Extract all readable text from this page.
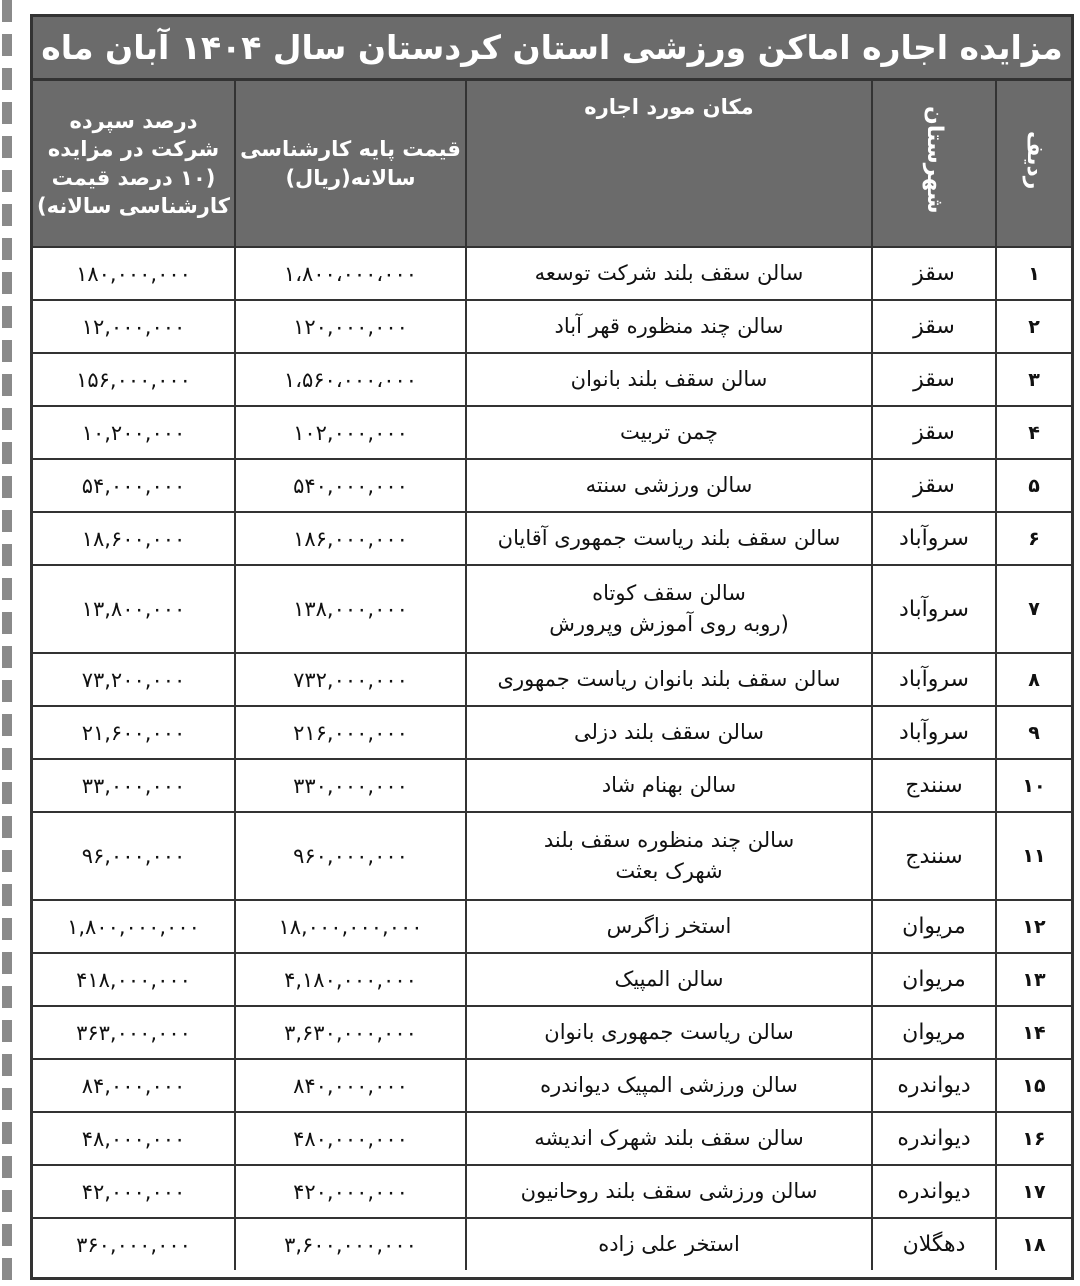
مزایده اجاره اماکن ورزشی استان کردستان سال ۱۴۰۴ آبان ماه
ردیف	شهرستان	مکان مورد اجاره	قیمت پایه کارشناسی سالانه(ریال)	درصد سپرده شرکت در مزایده (۱۰ درصد قیمت کارشناسی سالانه)
۱	سقز	سالن سقف بلند شرکت توسعه	۱،۸۰۰،۰۰۰،۰۰۰	۱۸۰,۰۰۰,۰۰۰
۲	سقز	سالن چند منظوره قهر آباد	۱۲۰,۰۰۰,۰۰۰	۱۲,۰۰۰,۰۰۰
۳	سقز	سالن سقف بلند بانوان	۱،۵۶۰،۰۰۰،۰۰۰	۱۵۶,۰۰۰,۰۰۰
۴	سقز	چمن تربیت	۱۰۲,۰۰۰,۰۰۰	۱۰,۲۰۰,۰۰۰
۵	سقز	سالن ورزشی سنته	۵۴۰,۰۰۰,۰۰۰	۵۴,۰۰۰,۰۰۰
۶	سروآباد	سالن سقف بلند ریاست جمهوری آقایان	۱۸۶,۰۰۰,۰۰۰	۱۸,۶۰۰,۰۰۰
۷	سروآباد	سالن سقف کوتاه
(روبه روی آموزش وپرورش	۱۳۸,۰۰۰,۰۰۰	۱۳,۸۰۰,۰۰۰
۸	سروآباد	سالن سقف بلند بانوان ریاست جمهوری	۷۳۲,۰۰۰,۰۰۰	۷۳,۲۰۰,۰۰۰
۹	سروآباد	سالن سقف بلند دزلی	۲۱۶,۰۰۰,۰۰۰	۲۱,۶۰۰,۰۰۰
۱۰	سنندج	سالن بهنام شاد	۳۳۰,۰۰۰,۰۰۰	۳۳,۰۰۰,۰۰۰
۱۱	سنندج	سالن چند منظوره سقف بلند
شهرک بعثت	۹۶۰,۰۰۰,۰۰۰	۹۶,۰۰۰,۰۰۰
۱۲	مریوان	استخر زاگرس	۱۸,۰۰۰,۰۰۰,۰۰۰	۱,۸۰۰,۰۰۰,۰۰۰
۱۳	مریوان	سالن المپیک	۴,۱۸۰,۰۰۰,۰۰۰	۴۱۸,۰۰۰,۰۰۰
۱۴	مریوان	سالن ریاست جمهوری بانوان	۳,۶۳۰,۰۰۰,۰۰۰	۳۶۳,۰۰۰,۰۰۰
۱۵	دیواندره	سالن ورزشی المپیک دیواندره	۸۴۰,۰۰۰,۰۰۰	۸۴,۰۰۰,۰۰۰
۱۶	دیواندره	سالن سقف بلند شهرک اندیشه	۴۸۰,۰۰۰,۰۰۰	۴۸,۰۰۰,۰۰۰
۱۷	دیواندره	سالن ورزشی سقف بلند روحانیون	۴۲۰,۰۰۰,۰۰۰	۴۲,۰۰۰,۰۰۰
۱۸	دهگلان	استخر علی زاده	۳,۶۰۰,۰۰۰,۰۰۰	۳۶۰,۰۰۰,۰۰۰
